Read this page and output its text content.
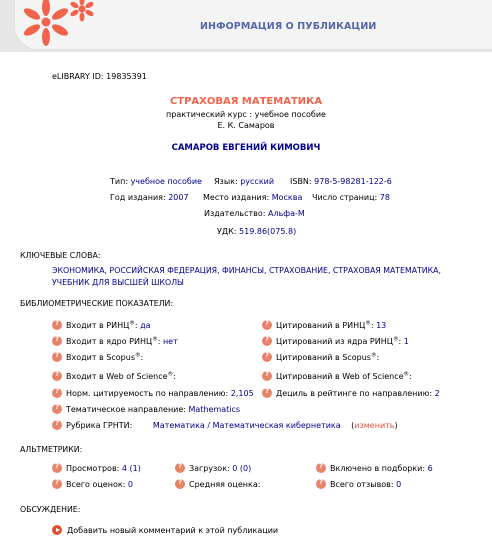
ИНФОРМАЦИЯ О ПУБЛИКАЦИИ
eLIBRARY ID: 19835391
СТРАХОВАЯ МАТЕМАТИКА
практический курс : учебное пособие
Е. К. Самаров
САМАРОВ ЕВГЕНИЙ КИМОВИЧ
Тип: учебное пособие Язык: русский ISBN: 978-5-98281-122-6
Год издания: 2007 Место издания: Москва Число страниц: 78
Издательство: Альфа-М
УДК: 519.86(075.8)
КЛЮЧЕВЫЕ СЛОВА:
ЭКОНОМИКА, РОССИЙСКАЯ ФЕДЕРАЦИЯ, ФИНАНСЫ, СТРАХОВАНИЕ, СТРАХОВАЯ МАТЕМАТИКА,
УЧЕБНИК ДЛЯ ВЫСШЕЙ ШКОЛЫ
БИБЛИОМЕТРИЧЕСКИЕ ПОКАЗАТЕЛИ:
?Входит в РИНЦ®: да
?Входит в ядро РИНЦ®: нет
?Входит в Scopus®:
?Входит в Web of Science®:
?Норм. цитируемость по направлению: 2,105
?Тематическое направление: Mathematics
?Рубрика ГРНТИ:	Математика / Математическая кибернетика (изменить)
?Цитирований в РИНЦ®: 13
?Цитирований из ядра РИНЦ®: 1
?Цитирований в Scopus®:
?Цитирований в Web of Science®:
?Дециль в рейтинге по направлению: 2
АЛЬТМЕТРИКИ:
?Просмотров: 4 (1)
?Всего оценок: 0
?Загрузок: 0 (0)
?Средняя оценка:
?Включено в подборки: 6
?Всего отзывов: 0
ОБСУЖДЕНИЕ:
Добавить новый комментарий к этой публикации
